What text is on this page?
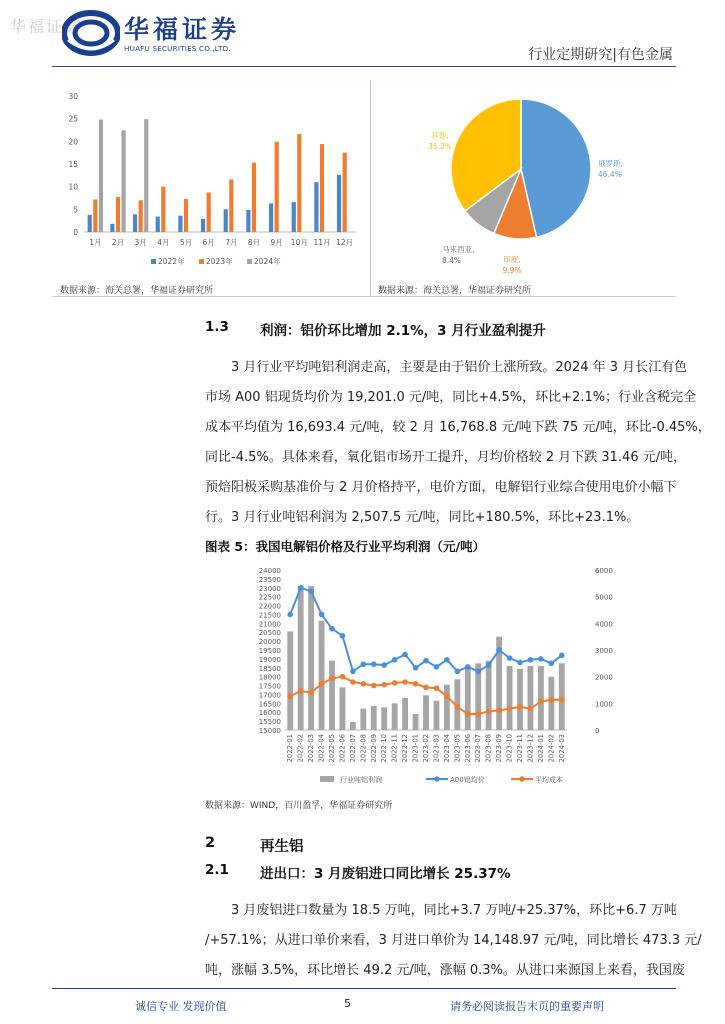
华福证券 华福证券
HUAFU SECURITIES CO.,LTD.	行业定期研究|有色金属
0
5
10
15
20
25
30
1月 2月 3月 4月 5月 6月 7月 8月 9月 10月 11月 12月
2022年	2023年	2024年
数据来源：海关总署，华福证券研究所
俄罗斯,
46.4%
印度,
9.9%
马来西亚，
8.4%
其他,
35.2%
数据来源：海关总署，华福证券研究所
1.3 利润：铝价环比增加 2.1%，3 月行业盈利提升
3 月行业平均吨铝利润走高，主要是由于铝价上涨所致。2024 年 3 月长江有色
市场 A00 铝现货均价为 19,201.0 元/吨，同比+4.5%，环比+2.1%；行业含税完全
成本平均值为 16,693.4 元/吨，较 2 月 16,768.8 元/吨下跌 75 元/吨，环比-0.45%，
同比-4.5%。具体来看，氧化铝市场开工提升，月均价格较 2 月下跌 31.46 元/吨，
预焙阳极采购基准价与 2 月价格持平，电价方面，电解铝行业综合使用电价小幅下
行。3 月行业吨铝利润为 2,507.5 元/吨，同比+180.5%，环比+23.1%。
图表 5：我国电解铝价格及行业平均利润（元/吨）
15000
15500
16000
16500
17000
17500
18000
18500
19000
19500
20000
20500
21000
21500
22000
22500
23000
23500
24000
0
1000
2000
3000
4000
5000
6000
2022-01 2022-02 2022-03 2022-04 2022-05 2022-06 2022-07 2022-08 2022-09 2022-10 2022-11 2022-12 2023-01 2023-02 2023-03 2023-04 2023-05 2023-06 2023-07 2023-08 2023-09 2023-10 2023-11 2023-12 2024-01 2024-02 2024-03
行业吨铝利润	A00铝均价	平均成本
数据来源：WIND，百川盈孚，华福证券研究所
2	再生铝
2.1 进出口：3 月废铝进口同比增长 25.37%
3 月废铝进口数量为 18.5 万吨，同比+3.7 万吨/+25.37%，环比+6.7 万吨
/+57.1%；从进口单价来看，3 月进口单价为 14,148.97 元/吨，同比增长 473.3 元/
吨，涨幅 3.5%，环比增长 49.2 元/吨，涨幅 0.3%。从进口来源国上来看，我国废
诚信专业 发现价值	5	请务必阅读报告末页的重要声明
